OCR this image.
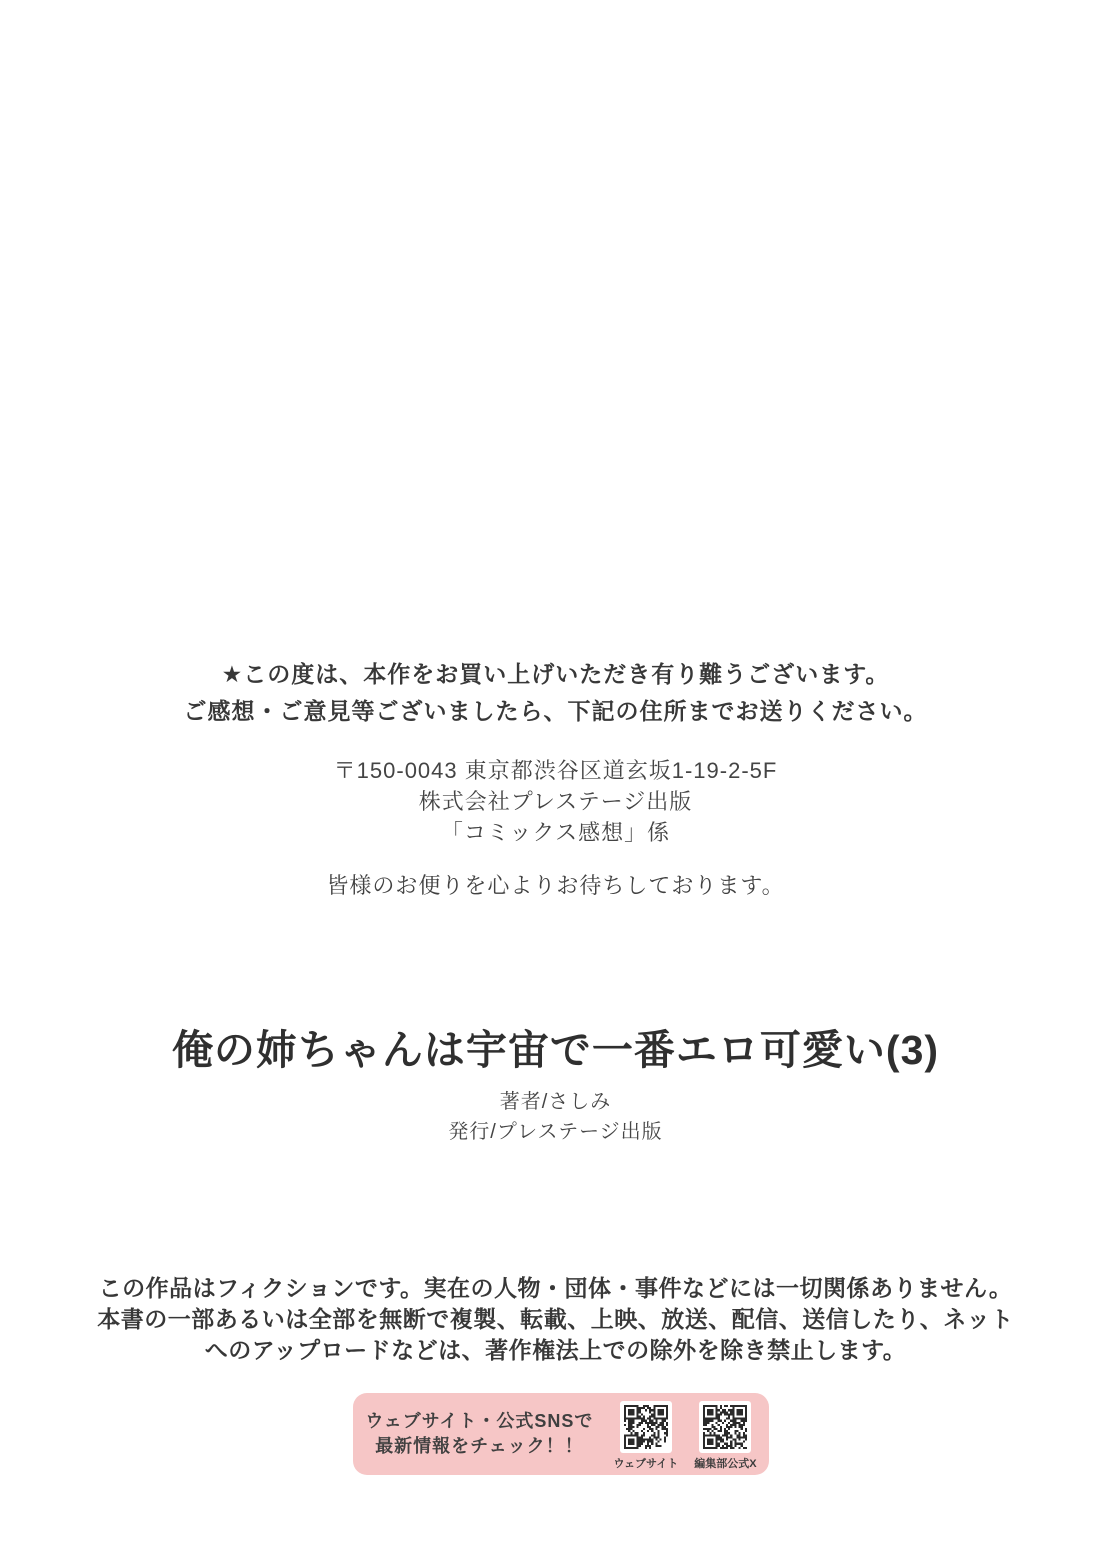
★この度は、本作をお買い上げいただき有り難うございます。
ご感想・ご意見等ございましたら、下記の住所までお送りください。
〒150-0043 東京都渋谷区道玄坂1-19-2-5F
株式会社プレステージ出版
「コミックス感想」係
皆様のお便りを心よりお待ちしております。
俺の姉ちゃんは宇宙で一番エロ可愛い(3)
著者/さしみ
発行/プレステージ出版
この作品はフィクションです。実在の人物・団体・事件などには一切関係ありません。
本書の一部あるいは全部を無断で複製、転載、上映、放送、配信、送信したり、ネット
へのアップロードなどは、著作権法上での除外を除き禁止します。
ウェブサイト・公式SNSで
最新情報をチェック！！
ウェブサイト 編集部公式X
